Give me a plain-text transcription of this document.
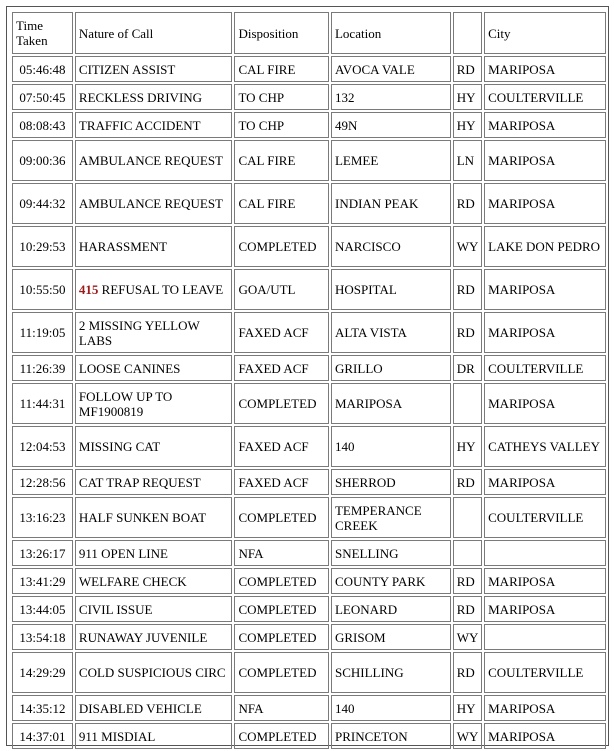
Time Taken	Nature of Call	Disposition	Location		City
05:46:48	CITIZEN ASSIST	CAL FIRE	AVOCA VALE	RD	MARIPOSA
07:50:45	RECKLESS DRIVING	TO CHP	132	HY	COULTERVILLE
08:08:43	TRAFFIC ACCIDENT	TO CHP	49N	HY	MARIPOSA
09:00:36	AMBULANCE REQUEST	CAL FIRE	LEMEE	LN	MARIPOSA
09:44:32	AMBULANCE REQUEST	CAL FIRE	INDIAN PEAK	RD	MARIPOSA
10:29:53	HARASSMENT	COMPLETED	NARCISCO	WY	LAKE DON PEDRO
10:55:50	415 REFUSAL TO LEAVE	GOA/UTL	HOSPITAL	RD	MARIPOSA
11:19:05	2 MISSING YELLOW LABS	FAXED ACF	ALTA VISTA	RD	MARIPOSA
11:26:39	LOOSE CANINES	FAXED ACF	GRILLO	DR	COULTERVILLE
11:44:31	FOLLOW UP TO MF1900819	COMPLETED	MARIPOSA		MARIPOSA
12:04:53	MISSING CAT	FAXED ACF	140	HY	CATHEYS VALLEY
12:28:56	CAT TRAP REQUEST	FAXED ACF	SHERROD	RD	MARIPOSA
13:16:23	HALF SUNKEN BOAT	COMPLETED	TEMPERANCE CREEK		COULTERVILLE
13:26:17	911 OPEN LINE	NFA	SNELLING		
13:41:29	WELFARE CHECK	COMPLETED	COUNTY PARK	RD	MARIPOSA
13:44:05	CIVIL ISSUE	COMPLETED	LEONARD	RD	MARIPOSA
13:54:18	RUNAWAY JUVENILE	COMPLETED	GRISOM	WY	
14:29:29	COLD SUSPICIOUS CIRC	COMPLETED	SCHILLING	RD	COULTERVILLE
14:35:12	DISABLED VEHICLE	NFA	140	HY	MARIPOSA
14:37:01	911 MISDIAL	COMPLETED	PRINCETON	WY	MARIPOSA
